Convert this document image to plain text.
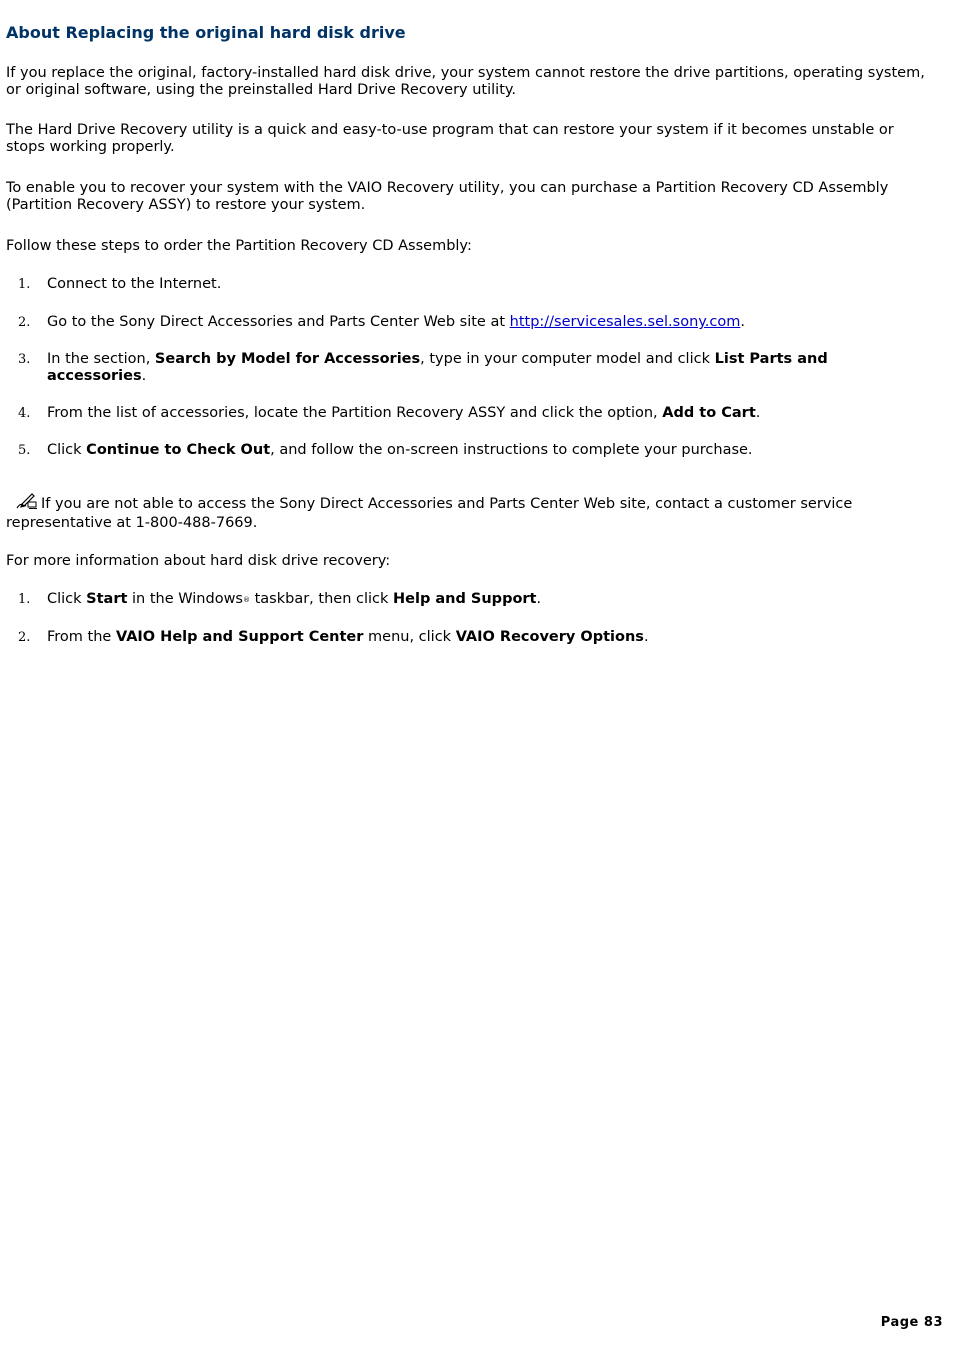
About Replacing the original hard disk drive

If you replace the original, factory-installed hard disk drive, your system cannot restore the drive partitions, operating system, or original software, using the preinstalled Hard Drive Recovery utility.

The Hard Drive Recovery utility is a quick and easy-to-use program that can restore your system if it becomes unstable or stops working properly.

To enable you to recover your system with the VAIO Recovery utility, you can purchase a Partition Recovery CD Assembly (Partition Recovery ASSY) to restore your system.

Follow these steps to order the Partition Recovery CD Assembly:

1. Connect to the Internet.
2. Go to the Sony Direct Accessories and Parts Center Web site at http://servicesales.sel.sony.com.
3. In the section, Search by Model for Accessories, type in your computer model and click List Parts and accessories.
4. From the list of accessories, locate the Partition Recovery ASSY and click the option, Add to Cart.
5. Click Continue to Check Out, and follow the on-screen instructions to complete your purchase.

If you are not able to access the Sony Direct Accessories and Parts Center Web site, contact a customer service representative at 1-800-488-7669.

For more information about hard disk drive recovery:

1. Click Start in the Windows® taskbar, then click Help and Support.
2. From the VAIO Help and Support Center menu, click VAIO Recovery Options.
Page 83
